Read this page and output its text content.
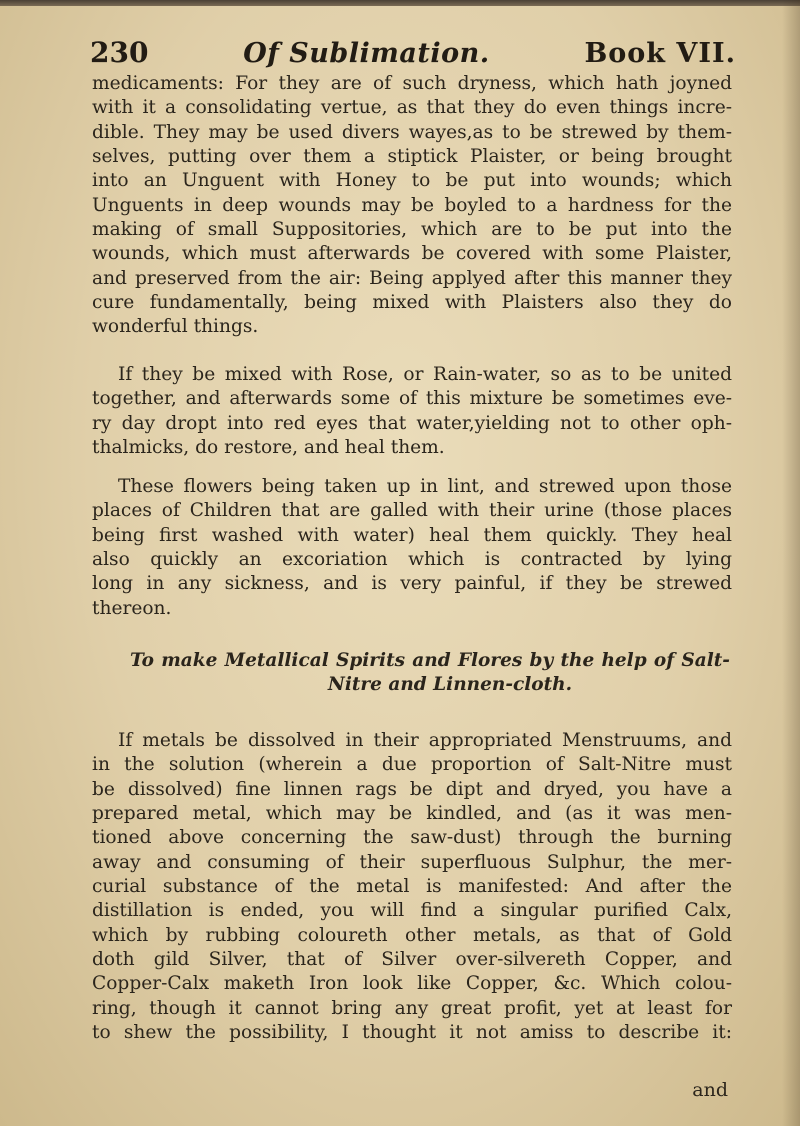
230	Of Sublimation.	Book VII.
medicaments: For they are of such dryness, which hath joyned
with it a consolidating vertue, as that they do even things incre-
dible. They may be used divers wayes,as to be strewed by them-
selves, putting over them a stiptick Plaister, or being brought
into an Unguent with Honey to be put into wounds; which
Unguents in deep wounds may be boyled to a hardness for the
making of small Suppositories, which are to be put into the
wounds, which must afterwards be covered with some Plaister,
and preserved from the air: Being applyed after this manner they
cure fundamentally, being mixed with Plaisters also they do
wonderful things.
If they be mixed with Rose, or Rain-water, so as to be united
together, and afterwards some of this mixture be sometimes eve-
ry day dropt into red eyes that water,yielding not to other oph-
thalmicks, do restore, and heal them.
These flowers being taken up in lint, and strewed upon those
places of Children that are galled with their urine (those places
being first washed with water) heal them quickly. They heal
also quickly an excoriation which is contracted by lying
long in any sickness, and is very painful, if they be strewed
thereon.
To make Metallical Spirits and Flores by the help of Salt-
Nitre and Linnen-cloth.
If metals be dissolved in their appropriated Menstruums, and
in the solution (wherein a due proportion of Salt-Nitre must
be dissolved) fine linnen rags be dipt and dryed, you have a
prepared metal, which may be kindled, and (as it was men-
tioned above concerning the saw-dust) through the burning
away and consuming of their superfluous Sulphur, the mer-
curial substance of the metal is manifested: And after the
distillation is ended, you will find a singular purified Calx,
which by rubbing coloureth other metals, as that of Gold
doth gild Silver, that of Silver over-silvereth Copper, and
Copper-Calx maketh Iron look like Copper, &c. Which colou-
ring, though it cannot bring any great profit, yet at least for
to shew the possibility, I thought it not amiss to describe it:
and
